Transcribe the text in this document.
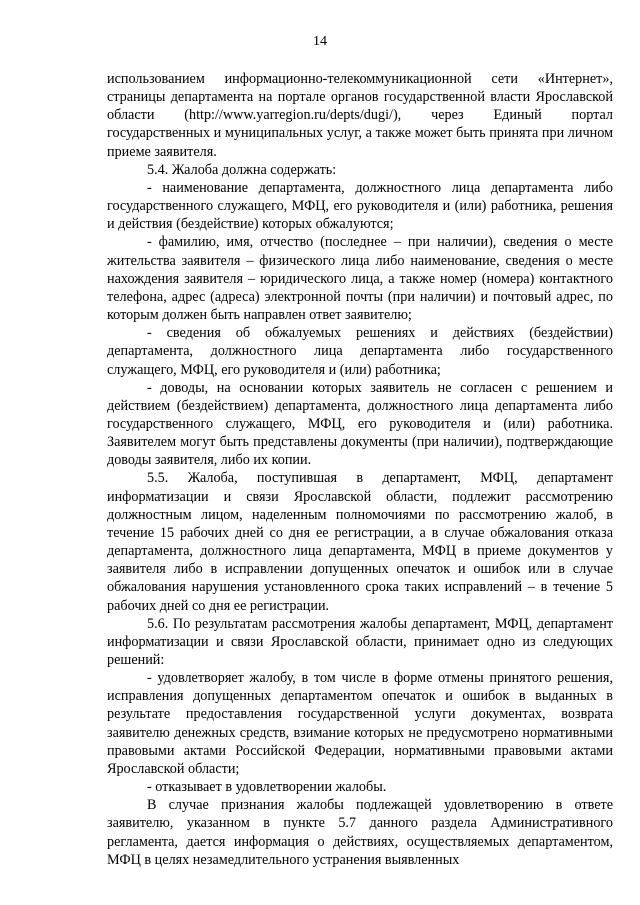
14

использованием информационно-телекоммуникационной сети «Интернет», страницы департамента на портале органов государственной власти Ярославской области (http://www.yarregion.ru/depts/dugi/), через Единый портал государственных и муниципальных услуг, а также может быть принята при личном приеме заявителя.

5.4. Жалоба должна содержать:

- наименование департамента, должностного лица департамента либо государственного служащего, МФЦ, его руководителя и (или) работника, решения и действия (бездействие) которых обжалуются;

- фамилию, имя, отчество (последнее – при наличии), сведения о месте жительства заявителя – физического лица либо наименование, сведения о месте нахождения заявителя – юридического лица, а также номер (номера) контактного телефона, адрес (адреса) электронной почты (при наличии) и почтовый адрес, по которым должен быть направлен ответ заявителю;

- сведения об обжалуемых решениях и действиях (бездействии) департамента, должностного лица департамента либо государственного служащего, МФЦ, его руководителя и (или) работника;

- доводы, на основании которых заявитель не согласен с решением и действием (бездействием) департамента, должностного лица департамента либо государственного служащего, МФЦ, его руководителя и (или) работника. Заявителем могут быть представлены документы (при наличии), подтверждающие доводы заявителя, либо их копии.

5.5. Жалоба, поступившая в департамент, МФЦ, департамент информатизации и связи Ярославской области, подлежит рассмотрению должностным лицом, наделенным полномочиями по рассмотрению жалоб, в течение 15 рабочих дней со дня ее регистрации, а в случае обжалования отказа департамента, должностного лица департамента, МФЦ в приеме документов у заявителя либо в исправлении допущенных опечаток и ошибок или в случае обжалования нарушения установленного срока таких исправлений – в течение 5 рабочих дней со дня ее регистрации.

5.6. По результатам рассмотрения жалобы департамент, МФЦ, департамент информатизации и связи Ярославской области, принимает одно из следующих решений:

- удовлетворяет жалобу, в том числе в форме отмены принятого решения, исправления допущенных департаментом опечаток и ошибок в выданных в результате предоставления государственной услуги документах, возврата заявителю денежных средств, взимание которых не предусмотрено нормативными правовыми актами Российской Федерации, нормативными правовыми актами Ярославской области;

- отказывает в удовлетворении жалобы.

В случае признания жалобы подлежащей удовлетворению в ответе заявителю, указанном в пункте 5.7 данного раздела Административного регламента, дается информация о действиях, осуществляемых департаментом, МФЦ в целях незамедлительного устранения выявленных
